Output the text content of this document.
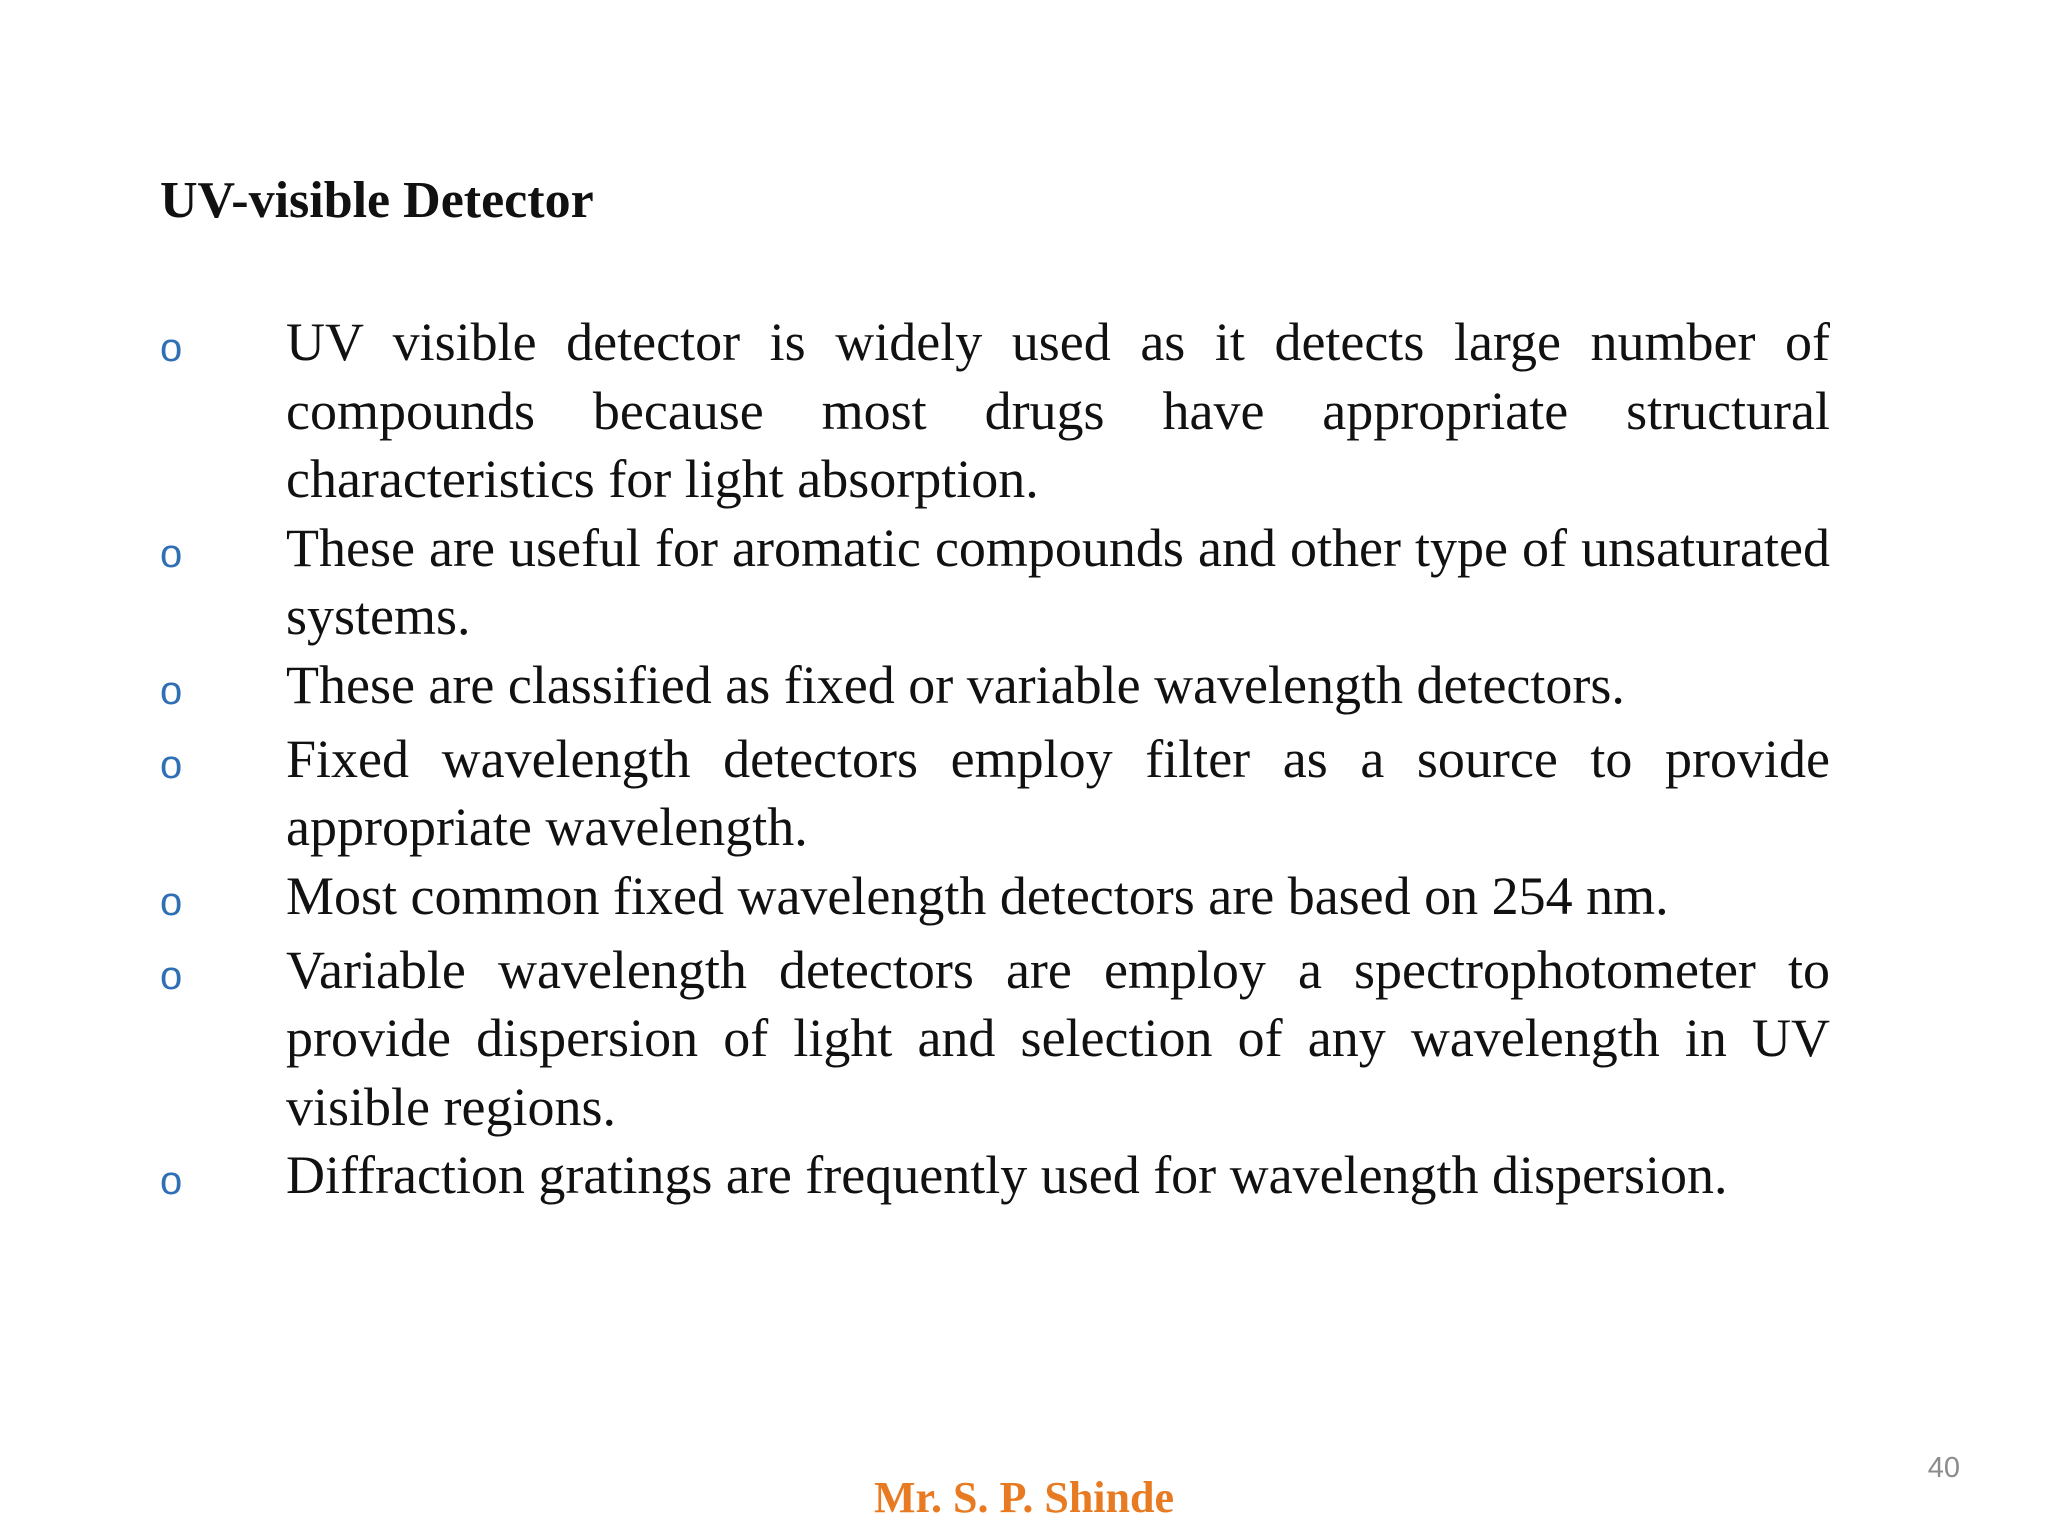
UV-visible Detector
o	UV visible detector is widely used as it detects large number of compounds because most drugs have appropriate structural characteristics for light absorption.
o	These are useful for aromatic compounds and other type of unsaturated systems.
o	These are classified as fixed or variable wavelength detectors.
o	Fixed wavelength detectors employ filter as a source to provide appropriate wavelength.
o	Most common fixed wavelength detectors are based on 254 nm.
o	Variable wavelength detectors are employ a spectrophotometer to provide dispersion of light and selection of any wavelength in UV visible regions.
o	Diffraction gratings are frequently used for wavelength dispersion.
Mr. S. P. Shinde
40
